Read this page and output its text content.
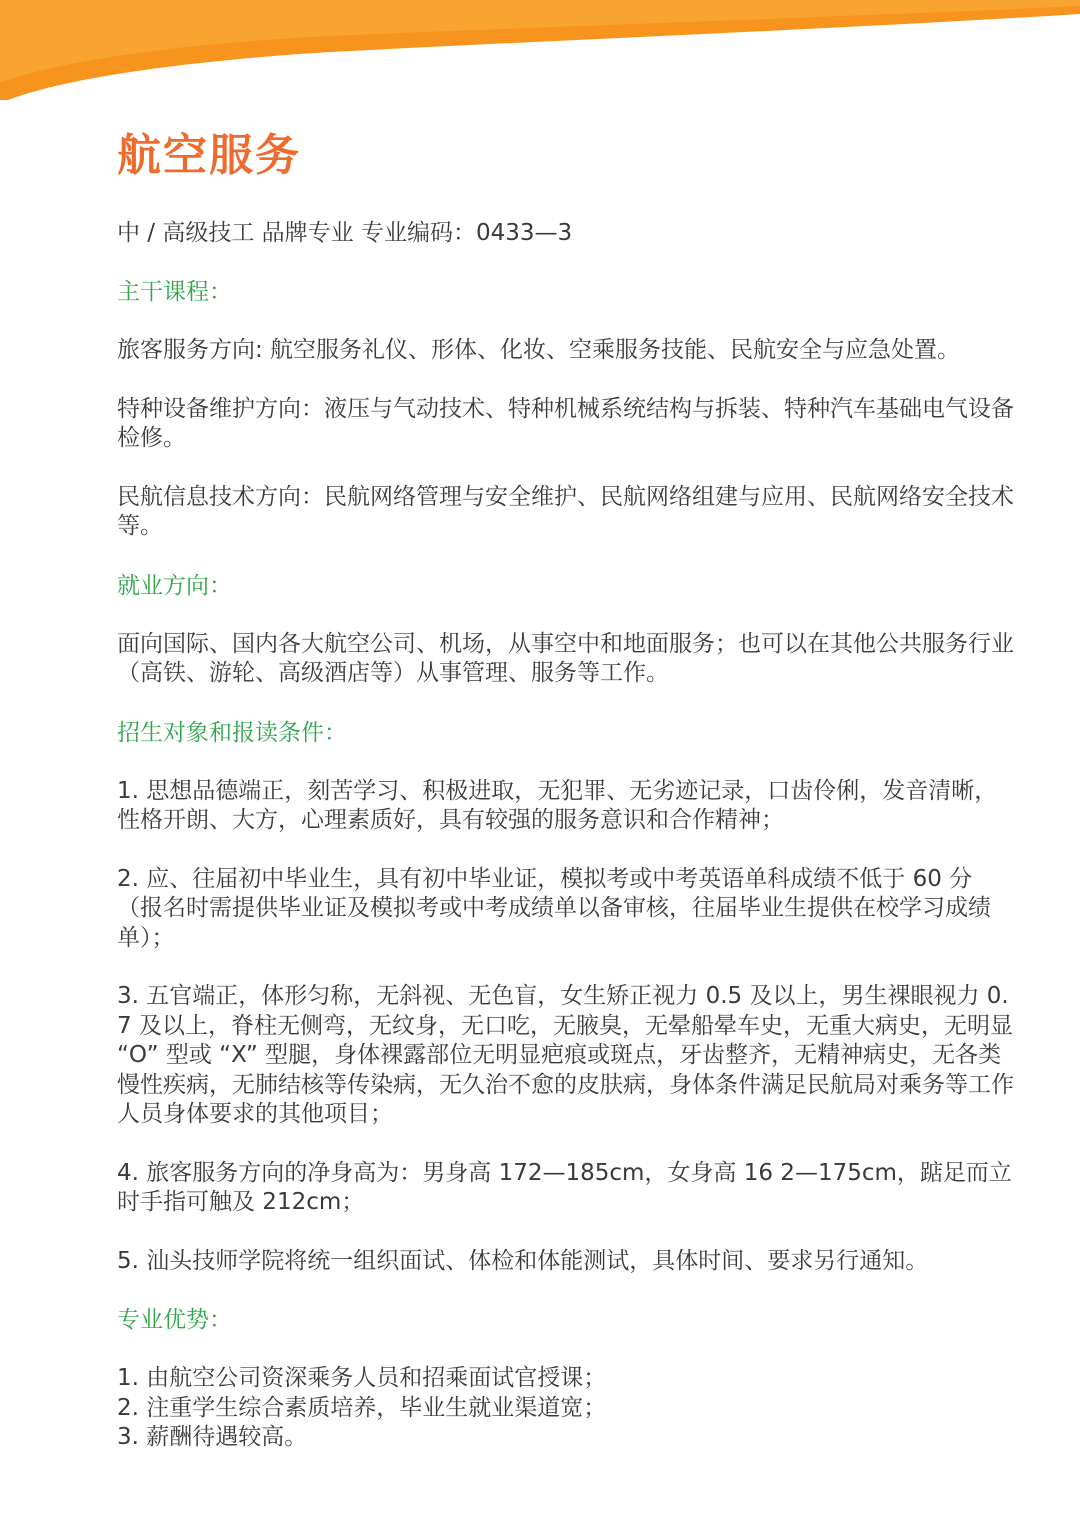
航空服务
中 / 高级技工 品牌专业 专业编码：0433—3
主干课程：
旅客服务方向: 航空服务礼仪、形体、化妆、空乘服务技能、民航安全与应急处置。
特种设备维护方向：液压与气动技术、特种机械系统结构与拆装、特种汽车基础电气设备检修。
民航信息技术方向：民航网络管理与安全维护、民航网络组建与应用、民航网络安全技术等。
就业方向：
面向国际、国内各大航空公司、机场，从事空中和地面服务；也可以在其他公共服务行业（高铁、游轮、高级酒店等）从事管理、服务等工作。
招生对象和报读条件：
1. 思想品德端正，刻苦学习、积极进取，无犯罪、无劣迹记录，口齿伶俐，发音清晰，性格开朗、大方，心理素质好，具有较强的服务意识和合作精神；
2. 应、往届初中毕业生，具有初中毕业证，模拟考或中考英语单科成绩不低于 60 分（报名时需提供毕业证及模拟考或中考成绩单以备审核，往届毕业生提供在校学习成绩单）；
3. 五官端正，体形匀称，无斜视、无色盲，女生矫正视力 0.5 及以上，男生裸眼视力 0.7 及以上，脊柱无侧弯，无纹身，无口吃，无腋臭，无晕船晕车史，无重大病史，无明显 “O” 型或 “X” 型腿，身体裸露部位无明显疤痕或斑点，牙齿整齐，无精神病史，无各类慢性疾病，无肺结核等传染病，无久治不愈的皮肤病，身体条件满足民航局对乘务等工作人员身体要求的其他项目；
4. 旅客服务方向的净身高为：男身高 172—185cm，女身高 16 2—175cm，踮足而立时手指可触及 212cm；
5. 汕头技师学院将统一组织面试、体检和体能测试，具体时间、要求另行通知。
专业优势：
1. 由航空公司资深乘务人员和招乘面试官授课；
2. 注重学生综合素质培养，毕业生就业渠道宽；
3. 薪酬待遇较高。
